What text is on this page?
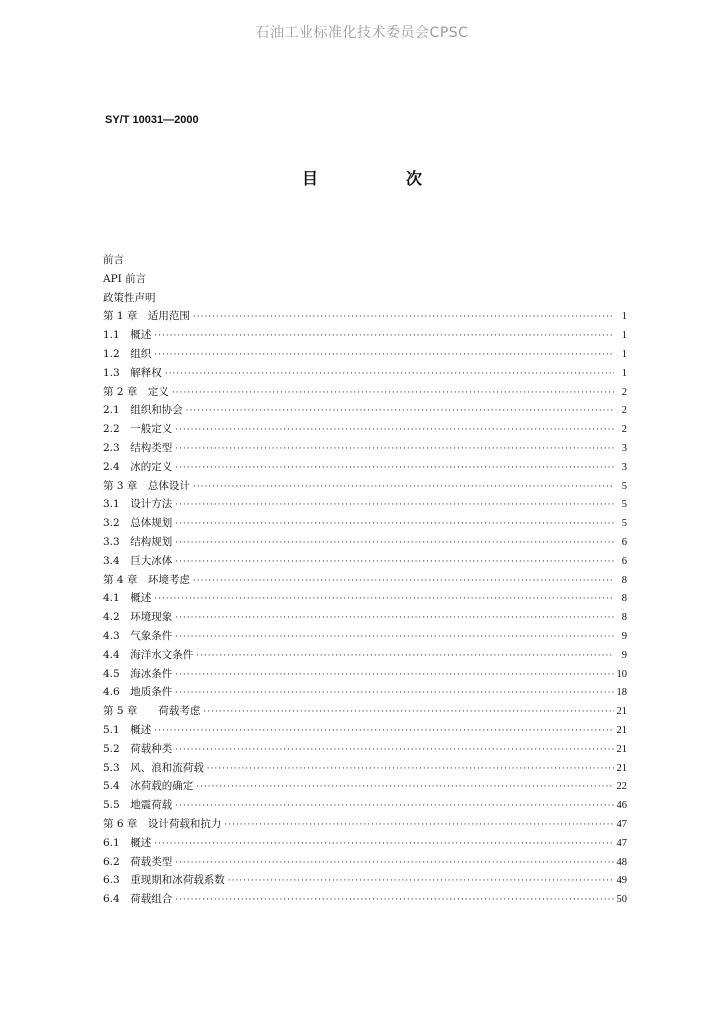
石油工业标准化技术委员会CPSC
SY/T 10031—2000
目　次
前言
API 前言
政策性声明
第 1 章　适用范围 ·····	1
1.1　概述 ·····	1
1.2　组织 ·····	1
1.3　解释权 ·····	1
第 2 章　定义 ·····	2
2.1　组织和协会 ·····	2
2.2　一般定义 ·····	2
2.3　结构类型 ·····	3
2.4　冰的定义 ·····	3
第 3 章　总体设计 ·····	5
3.1　设计方法 ·····	5
3.2　总体规划 ·····	5
3.3　结构规划 ·····	6
3.4　巨大冰体 ·····	6
第 4 章　环境考虑 ·····	8
4.1　概述 ·····	8
4.2　环境现象 ·····	8
4.3　气象条件 ·····	9
4.4　海洋水文条件 ·····	9
4.5　海冰条件 ·····	10
4.6　地质条件 ·····	18
第 5 章　　荷载考虑 ·····	21
5.1　概述 ·····	21
5.2　荷载种类 ·····	21
5.3　风、浪和流荷载 ·····	21
5.4　冰荷载的确定 ·····	22
5.5　地震荷载 ·····	46
第 6 章　设计荷载和抗力 ·····	47
6.1　概述 ·····	47
6.2　荷载类型 ·····	48
6.3　重现期和冰荷载系数 ·····	49
6.4　荷载组合 ·····	50
